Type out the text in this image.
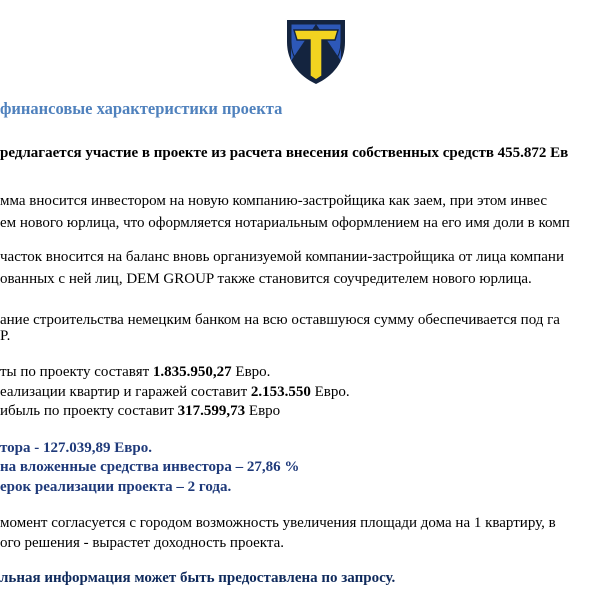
финансовые характеристики проекта
редлагается участие в проекте из расчета внесения собственных средств 455.872 Ев
мма вносится инвестором на новую компанию-застройщика как заем, при этом инвес
ем нового юрлица, что оформляется нотариальным оформлением на его имя доли в комп
часток вносится на баланс вновь организуемой компании-застройщика от лица компани
ованных с ней лиц, DEM GROUP также становится соучредителем нового юрлица.
ание строительства немецким банком на всю оставшуюся сумму обеспечивается под га
P.
ты по проекту составят 1.835.950,27 Евро.
еализации квартир и гаражей составит 2.153.550 Евро.
ибыль по проекту составит 317.599,73 Евро
тора - 127.039,89 Евро.
на вложенные средства инвестора – 27,86 %
ерок реализации проекта – 2 года.
момент согласуется с городом возможность увеличения площади дома на 1 квартиру, в
ого решения - вырастет доходность проекта.
льная информация может быть предоставлена по запросу.
